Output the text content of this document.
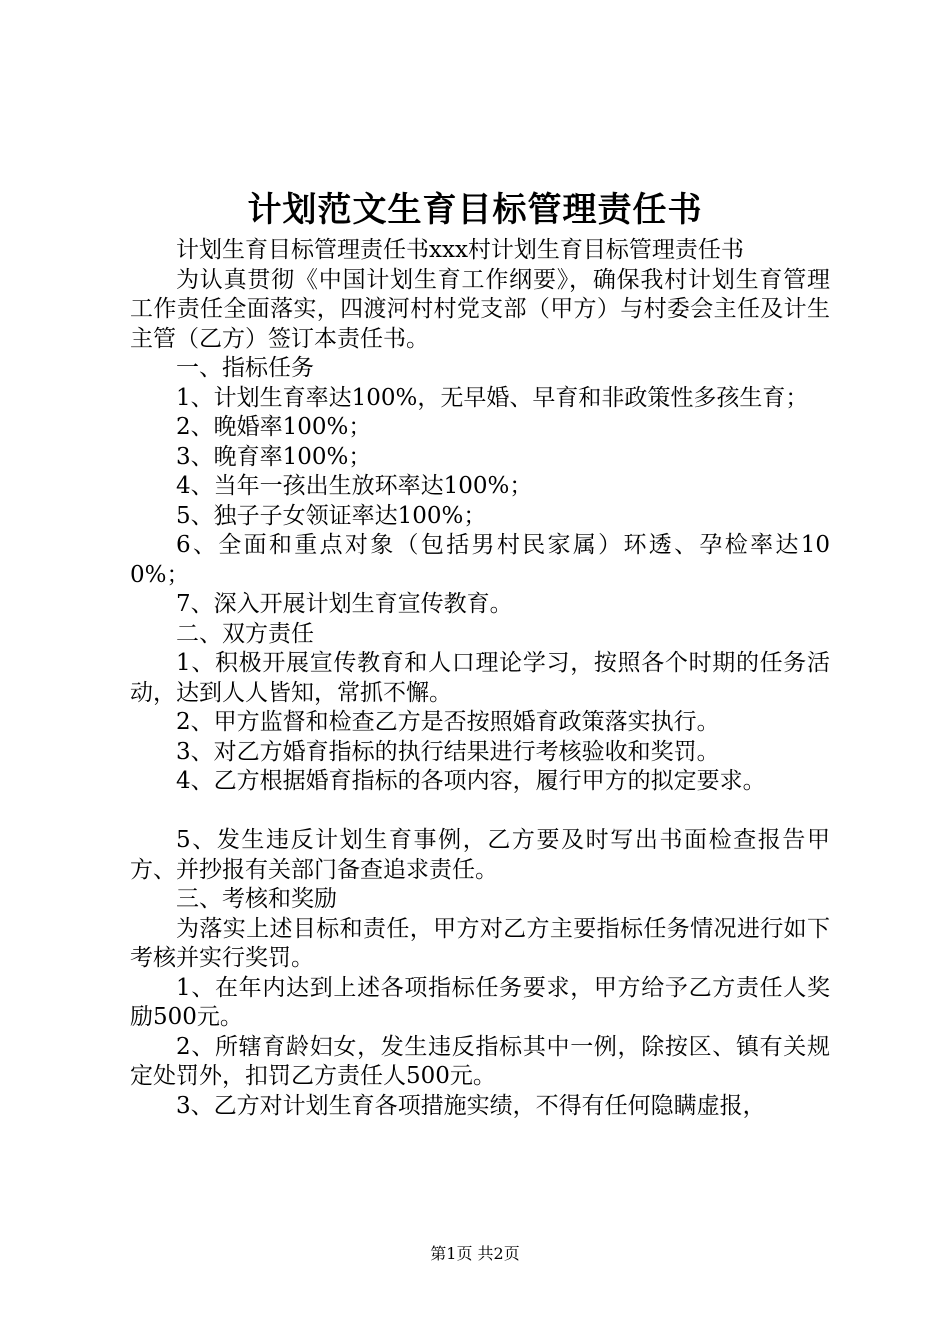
计划范文生育目标管理责任书

计划生育目标管理责任书xxx村计划生育目标管理责任书

为认真贯彻《中国计划生育工作纲要》，确保我村计划生育管理工作责任全面落实，四渡河村村党支部（甲方）与村委会主任及计生主管（乙方）签订本责任书。

一、指标任务

1、计划生育率达100%，无早婚、早育和非政策性多孩生育；

2、晚婚率100%；

3、晚育率100%；

4、当年一孩出生放环率达100%；

5、独子子女领证率达100%；

6、全面和重点对象（包括男村民家属）环透、孕检率达100%；

7、深入开展计划生育宣传教育。

二、双方责任

1、积极开展宣传教育和人口理论学习，按照各个时期的任务活动，达到人人皆知，常抓不懈。

2、甲方监督和检查乙方是否按照婚育政策落实执行。

3、对乙方婚育指标的执行结果进行考核验收和奖罚。

4、乙方根据婚育指标的各项内容，履行甲方的拟定要求。

5、发生违反计划生育事例，乙方要及时写出书面检查报告甲方、并抄报有关部门备查追求责任。

三、考核和奖励

为落实上述目标和责任，甲方对乙方主要指标任务情况进行如下考核并实行奖罚。

1、在年内达到上述各项指标任务要求，甲方给予乙方责任人奖励500元。

2、所辖育龄妇女，发生违反指标其中一例，除按区、镇有关规定处罚外，扣罚乙方责任人500元。

3、乙方对计划生育各项措施实绩，不得有任何隐瞒虚报，

第1页 共2页
